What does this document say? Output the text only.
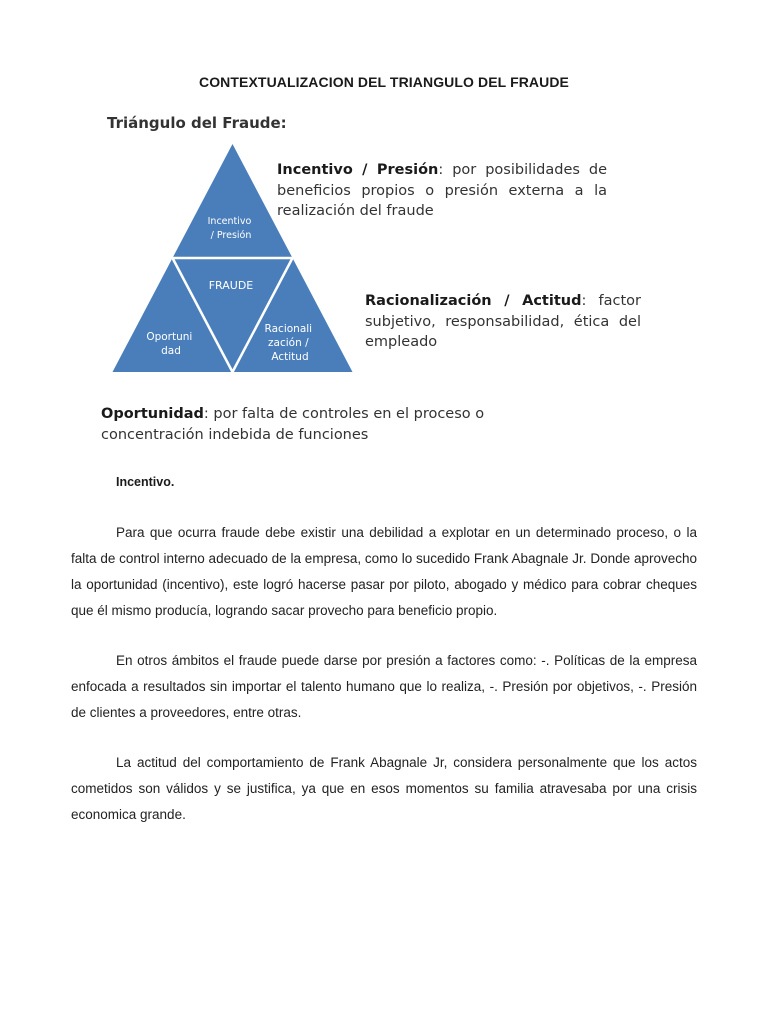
CONTEXTUALIZACION DEL TRIANGULO DEL FRAUDE
Triángulo del Fraude:
Incentivo / Presión
FRAUDE
Oportuni dad
Racionali zación / Actitud
Incentivo / Presión: por posibilidades de beneficios propios o presión externa a la realización del fraude
Racionalización / Actitud: factor subjetivo, responsabilidad, ética del empleado
Oportunidad: por falta de controles en el proceso o concentración indebida de funciones
Incentivo.

Para que ocurra fraude debe existir una debilidad a explotar en un determinado proceso, o la falta de control interno adecuado de la empresa, como lo sucedido Frank Abagnale Jr. Donde aprovecho la oportunidad (incentivo), este logró hacerse pasar por piloto, abogado y médico para cobrar cheques que él mismo producía, logrando sacar provecho para beneficio propio.

En otros ámbitos el fraude puede darse por presión a factores como: -. Políticas de la empresa enfocada a resultados sin importar el talento humano que lo realiza, -. Presión por objetivos, -. Presión de clientes a proveedores, entre otras.

La actitud del comportamiento de Frank Abagnale Jr, considera personalmente que los actos cometidos son válidos y se justifica, ya que en esos momentos su familia atravesaba por una crisis economica grande.
